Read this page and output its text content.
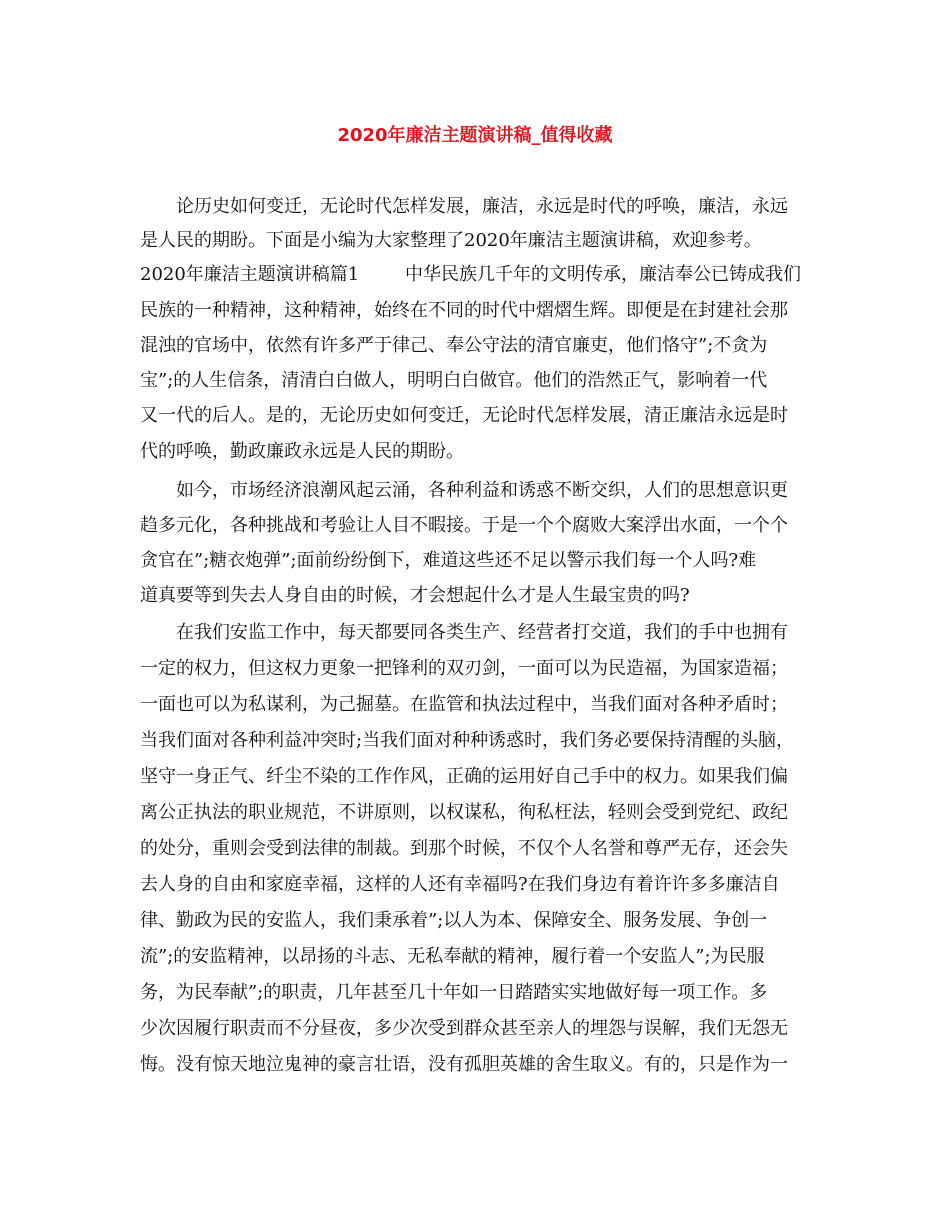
2020年廉洁主题演讲稿_值得收藏

论历史如何变迁，无论时代怎样发展，廉洁，永远是时代的呼唤，廉洁，永远

是人民的期盼。下面是小编为大家整理了2020年廉洁主题演讲稿，欢迎参考。

2020年廉洁主题演讲稿篇1        中华民族几千年的文明传承，廉洁奉公已铸成我们

民族的一种精神，这种精神，始终在不同的时代中熠熠生辉。即便是在封建社会那

混浊的官场中，依然有许多严于律己、奉公守法的清官廉吏，他们恪守”;不贪为

宝”;的人生信条，清清白白做人，明明白白做官。他们的浩然正气，影响着一代

又一代的后人。是的，无论历史如何变迁，无论时代怎样发展，清正廉洁永远是时

代的呼唤，勤政廉政永远是人民的期盼。

如今，市场经济浪潮风起云涌，各种利益和诱惑不断交织，人们的思想意识更

趋多元化，各种挑战和考验让人目不暇接。于是一个个腐败大案浮出水面，一个个

贪官在”;糖衣炮弹”;面前纷纷倒下，难道这些还不足以警示我们每一个人吗?难

道真要等到失去人身自由的时候，才会想起什么才是人生最宝贵的吗?

在我们安监工作中，每天都要同各类生产、经营者打交道，我们的手中也拥有

一定的权力，但这权力更象一把锋利的双刃剑，一面可以为民造福，为国家造福；

一面也可以为私谋利，为己掘墓。在监管和执法过程中，当我们面对各种矛盾时；

当我们面对各种利益冲突时;当我们面对种种诱惑时，我们务必要保持清醒的头脑，

坚守一身正气、纤尘不染的工作作风，正确的运用好自己手中的权力。如果我们偏

离公正执法的职业规范，不讲原则，以权谋私，徇私枉法，轻则会受到党纪、政纪

的处分，重则会受到法律的制裁。到那个时候，不仅个人名誉和尊严无存，还会失

去人身的自由和家庭幸福，这样的人还有幸福吗?在我们身边有着许许多多廉洁自

律、勤政为民的安监人，我们秉承着”;以人为本、保障安全、服务发展、争创一

流”;的安监精神，以昂扬的斗志、无私奉献的精神，履行着一个安监人”;为民服

务，为民奉献”;的职责，几年甚至几十年如一日踏踏实实地做好每一项工作。多

少次因履行职责而不分昼夜，多少次受到群众甚至亲人的埋怨与误解，我们无怨无

悔。没有惊天地泣鬼神的豪言壮语，没有孤胆英雄的舍生取义。有的，只是作为一
